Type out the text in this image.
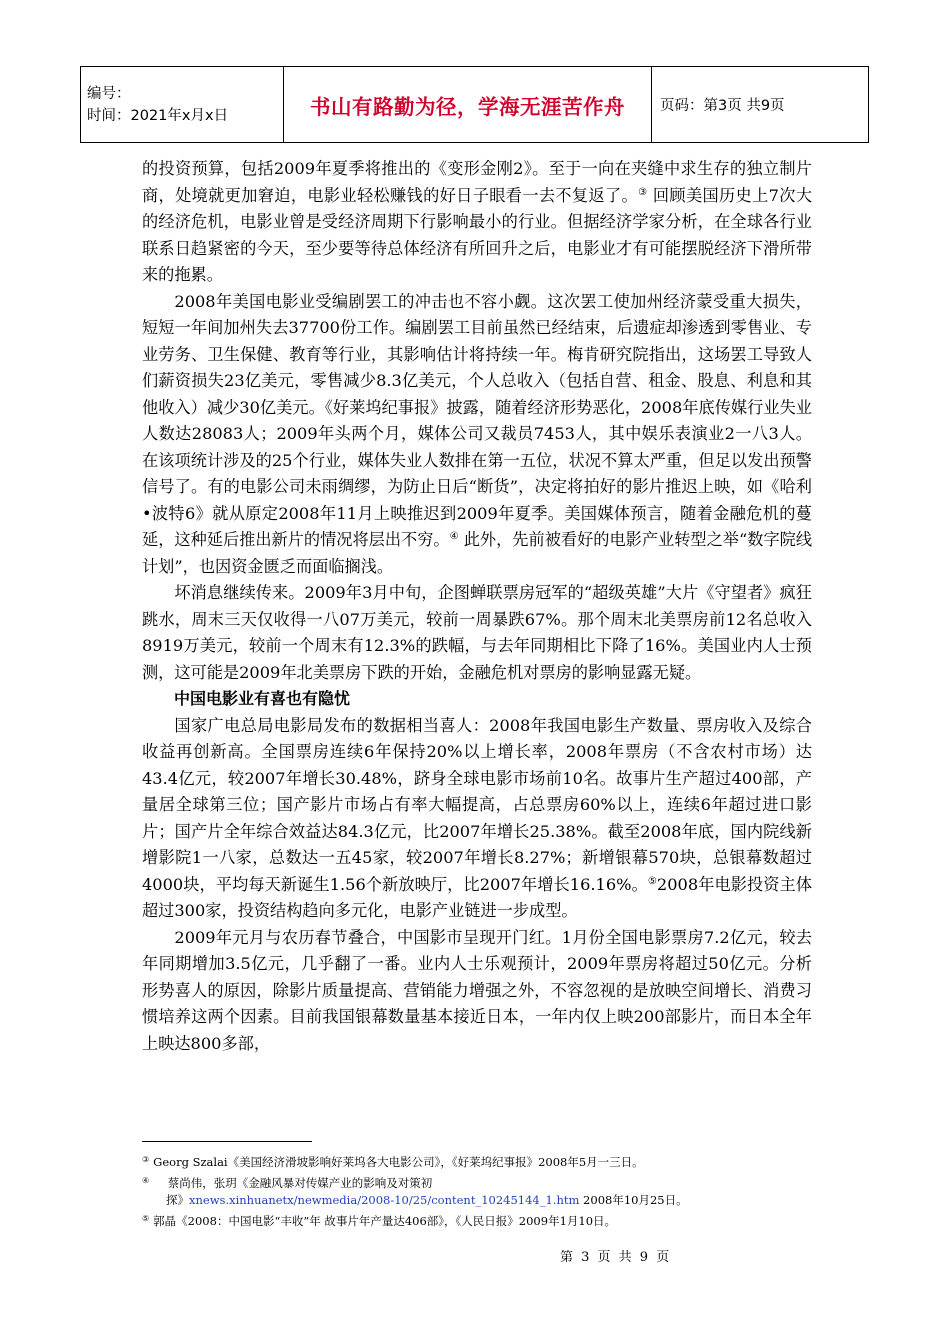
编号：
时间：2021年x月x日	书山有路勤为径，学海无涯苦作舟	页码：第3页 共9页

的投资预算，包括2009年夏季将推出的《变形金刚2》。至于一向在夹缝中求生存的独立制片商，处境就更加窘迫，电影业轻松赚钱的好日子眼看一去不复返了。③ 回顾美国历史上7次大的经济危机，电影业曾是受经济周期下行影响最小的行业。但据经济学家分析，在全球各行业联系日趋紧密的今天，至少要等待总体经济有所回升之后，电影业才有可能摆脱经济下滑所带来的拖累。

2008年美国电影业受编剧罢工的冲击也不容小觑。这次罢工使加州经济蒙受重大损失，短短一年间加州失去37700份工作。编剧罢工目前虽然已经结束，后遗症却渗透到零售业、专业劳务、卫生保健、教育等行业，其影响估计将持续一年。梅肯研究院指出，这场罢工导致人们薪资损失23亿美元，零售减少8.3亿美元，个人总收入（包括自营、租金、股息、利息和其他收入）减少30亿美元。《好莱坞纪事报》披露，随着经济形势恶化，2008年底传媒行业失业人数达28083人；2009年头两个月，媒体公司又裁员7453人，其中娱乐表演业2一八3人。在该项统计涉及的25个行业，媒体失业人数排在第一五位，状况不算太严重，但足以发出预警信号了。有的电影公司未雨绸缪，为防止日后“断货”，决定将拍好的影片推迟上映，如《哈利•波特6》就从原定2008年11月上映推迟到2009年夏季。美国媒体预言，随着金融危机的蔓延，这种延后推出新片的情况将层出不穷。④ 此外，先前被看好的电影产业转型之举“数字院线计划”，也因资金匮乏而面临搁浅。

坏消息继续传来。2009年3月中旬，企图蝉联票房冠军的“超级英雄”大片《守望者》疯狂跳水，周末三天仅收得一八07万美元，较前一周暴跌67%。那个周末北美票房前12名总收入8919万美元，较前一个周末有12.3%的跌幅，与去年同期相比下降了16%。美国业内人士预测，这可能是2009年北美票房下跌的开始，金融危机对票房的影响显露无疑。

中国电影业有喜也有隐忧

国家广电总局电影局发布的数据相当喜人：2008年我国电影生产数量、票房收入及综合收益再创新高。全国票房连续6年保持20%以上增长率，2008年票房（不含农村市场）达43.4亿元，较2007年增长30.48%，跻身全球电影市场前10名。故事片生产超过400部，产量居全球第三位；国产影片市场占有率大幅提高，占总票房60%以上，连续6年超过进口影片；国产片全年综合效益达84.3亿元，比2007年增长25.38%。截至2008年底，国内院线新增影院1一八家，总数达一五45家，较2007年增长8.27%；新增银幕570块，总银幕数超过4000块，平均每天新诞生1.56个新放映厅，比2007年增长16.16%。⑤2008年电影投资主体超过300家，投资结构趋向多元化，电影产业链进一步成型。

2009年元月与农历春节叠合，中国影市呈现开门红。1月份全国电影票房7.2亿元，较去年同期增加3.5亿元，几乎翻了一番。业内人士乐观预计，2009年票房将超过50亿元。分析形势喜人的原因，除影片质量提高、营销能力增强之外，不容忽视的是放映空间增长、消费习惯培养这两个因素。目前我国银幕数量基本接近日本，一年内仅上映200部影片，而日本全年上映达800多部，

③ Georg Szalai《美国经济滑坡影响好莱坞各大电影公司》，《好莱坞纪事报》2008年5月一三日。

④ 蔡尚伟，张玥《金融风暴对传媒产业的影响及对策初

探》xnews.xinhuanetx/newmedia/2008-10/25/content_10245144_1.htm 2008年10月25日。

⑤ 郭晶《2008：中国电影“丰收”年 故事片年产量达406部》，《人民日报》2009年1月10日。

第 3 页 共 9 页
